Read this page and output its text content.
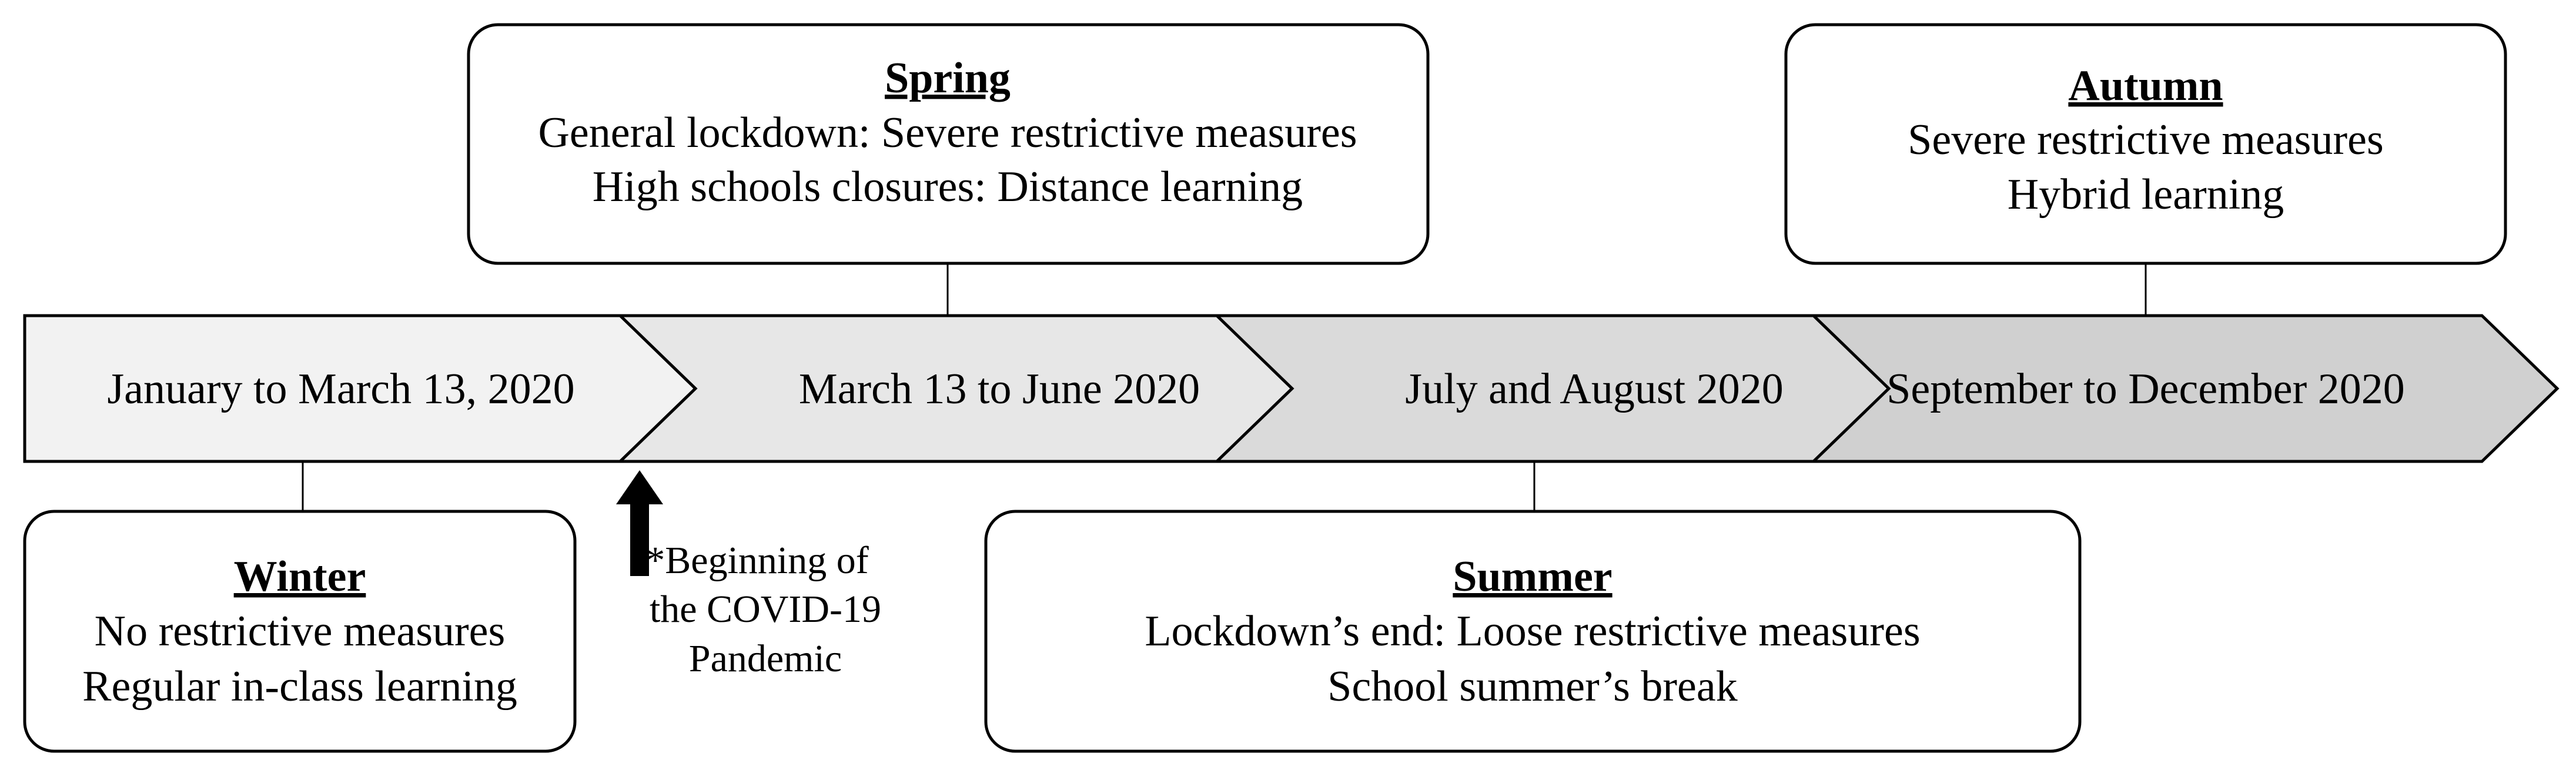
January to March 13, 2020	March 13 to June 2020	July and August 2020 September to December 2020
Spring
General lockdown: Severe restrictive measures
High schools closures: Distance learning
Autumn
Severe restrictive measures
Hybrid learning
Winter
No restrictive measures
Regular in-class learning
Summer
Lockdown’s end: Loose restrictive measures
School summer’s break
*Beginning of
the COVID-19
Pandemic
